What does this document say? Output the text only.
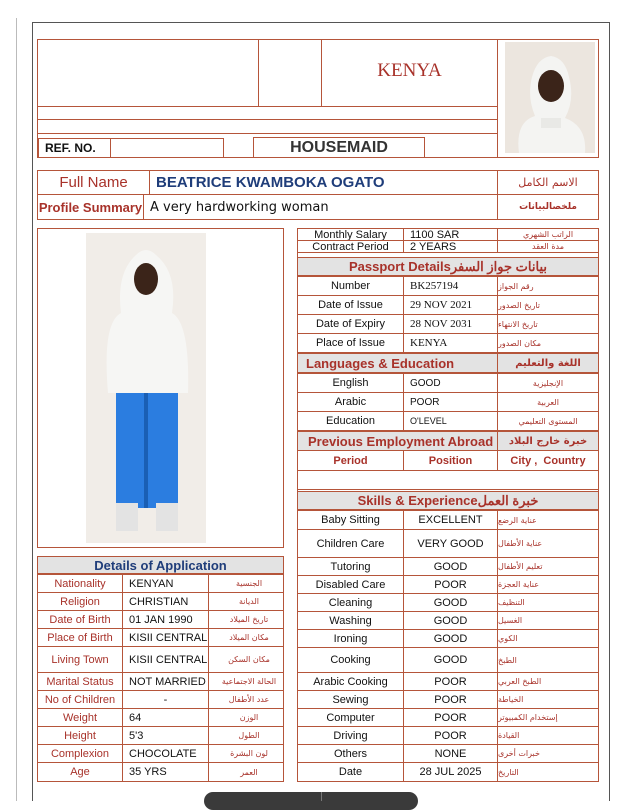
KENYA
REF. NO.	HOUSEMAID
Full Name	BEATRICE KWAMBOKA OGATO	الاسم الكامل
Profile Summary A very hardworking woman	ملخصالبيانات
Monthly Salary	1100 SAR	الراتب الشهري
Contract Period	2 YEARS	مدة العقد
Passport Detailsبيانات جواز السفر
Number	BK257194	رقم الجواز
Date of Issue	29 NOV 2021	تاريخ الصدور
Date of Expiry	28 NOV 2031	تاريخ الانتهاء
Place of Issue	KENYA	مكان الصدور
Languages & Education	اللغة والتعليم
English	GOOD	الإنجليزية
Arabic	POOR	العربية
Education	O'LEVEL	المستوى التعليمي
Previous Employment Abroad	خبرة خارج البلاد
Period	Position	City ,  Country
Skills & Experienceخبرة العمل
Baby Sitting	EXCELLENT	عناية الرضع
Children Care	VERY GOOD	عناية الأطفال
Tutoring	GOOD	تعليم الأطفال
Disabled Care	POOR	عناية العجزة
Cleaning	GOOD	التنظيف
Washing	GOOD	الغسيل
Ironing	GOOD	الكوي
Cooking	GOOD	الطبخ
Arabic Cooking	POOR	الطبخ العربي
Sewing	POOR	الخياطة
Computer	POOR	إستخدام الكمبيوتر
Driving	POOR	القيادة
Others	NONE	خبرات أخرى
Date	28 JUL 2025	التاريخ
Details of Application
Nationality	KENYAN	الجنسية
Religion	CHRISTIAN	الديانة
Date of Birth	01 JAN 1990	تاريخ الميلاد
Place of Birth	KISII CENTRAL	مكان الميلاد
Living Town	KISII CENTRAL	مكان السكن
Marital Status	NOT MARRIED	الحالة الاجتماعية
No of Children	-	عدد الأطفال
Weight	64	الوزن
Height	5'3	الطول
Complexion	CHOCOLATE	لون البشرة
Age	35 YRS	العمر
